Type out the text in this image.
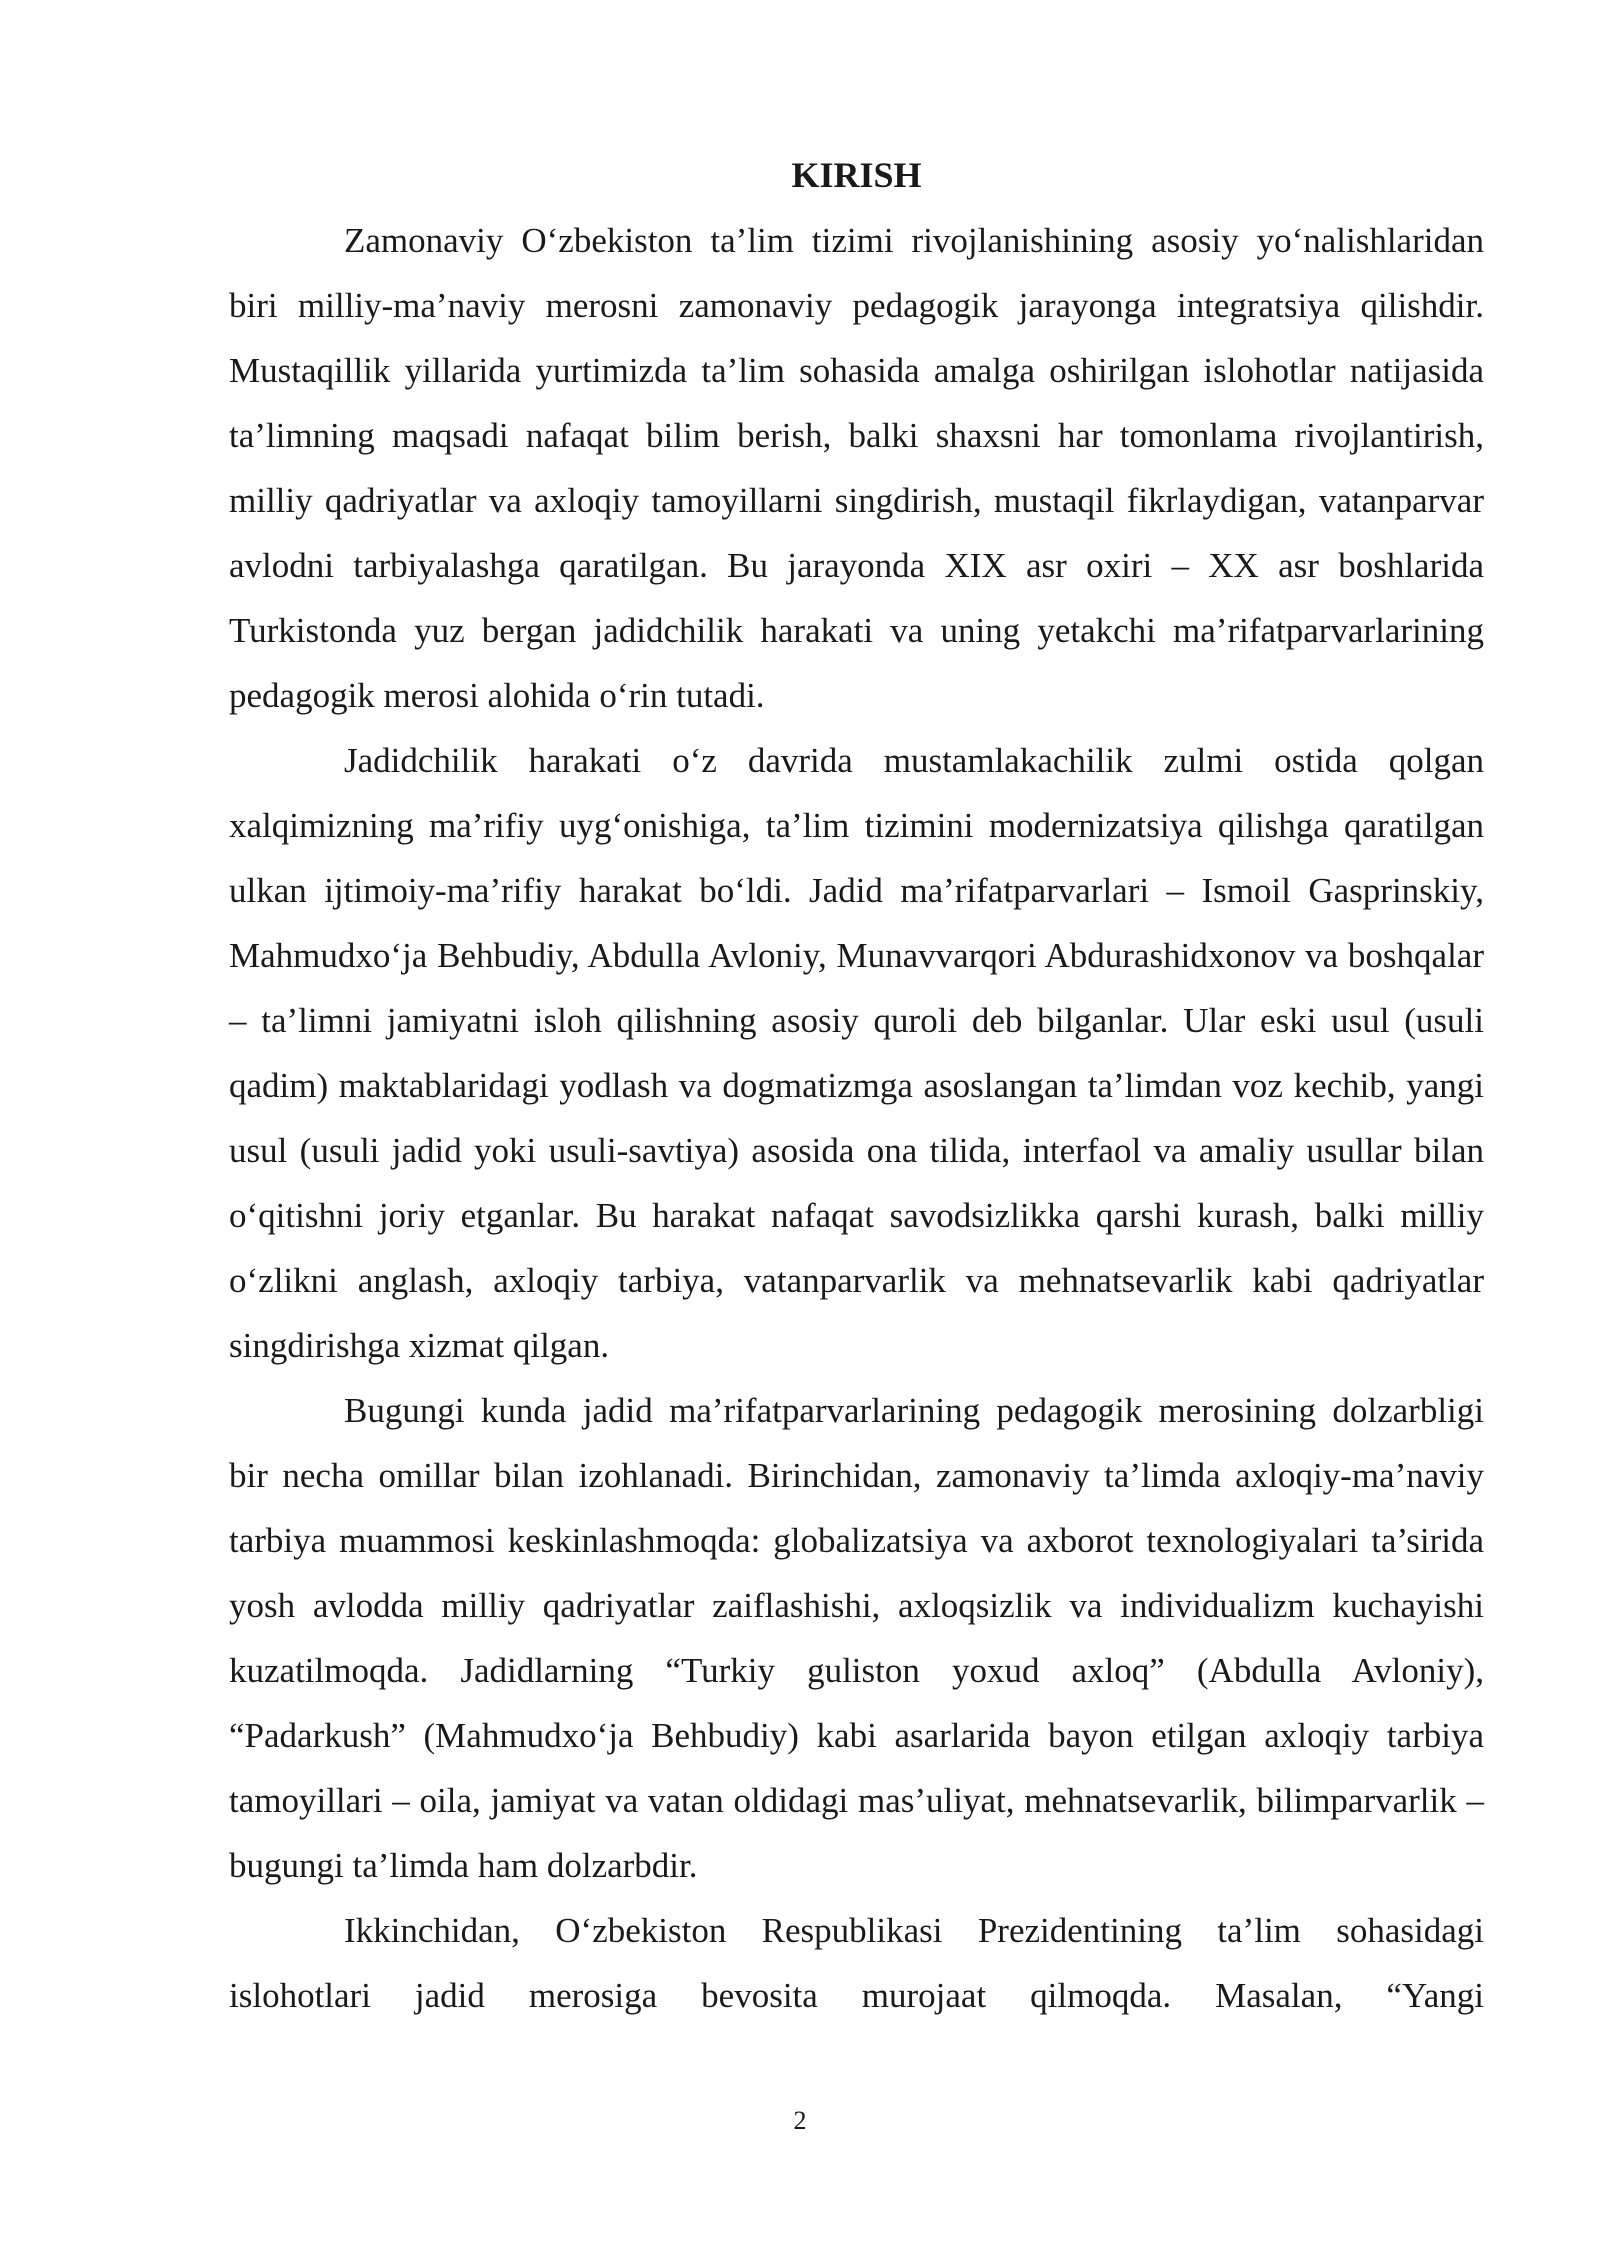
KIRISH

Zamonaviy O‘zbekiston ta’lim tizimi rivojlanishining asosiy yo‘nalishlaridan biri milliy-ma’naviy merosni zamonaviy pedagogik jarayonga integratsiya qilishdir. Mustaqillik yillarida yurtimizda ta’lim sohasida amalga oshirilgan islohotlar natijasida ta’limning maqsadi nafaqat bilim berish, balki shaxsni har tomonlama rivojlantirish, milliy qadriyatlar va axloqiy tamoyillarni singdirish, mustaqil fikrlaydigan, vatanparvar avlodni tarbiyalashga qaratilgan. Bu jarayonda XIX asr oxiri – XX asr boshlarida Turkistonda yuz bergan jadidchilik harakati va uning yetakchi ma’rifatparvarlarining pedagogik merosi alohida o‘rin tutadi.

Jadidchilik harakati o‘z davrida mustamlakachilik zulmi ostida qolgan xalqimizning ma’rifiy uyg‘onishiga, ta’lim tizimini modernizatsiya qilishga qaratilgan ulkan ijtimoiy-ma’rifiy harakat bo‘ldi. Jadid ma’rifatparvarlari – Ismoil Gasprinskiy, Mahmudxo‘ja Behbudiy, Abdulla Avloniy, Munavvarqori Abdurashidxonov va boshqalar – ta’limni jamiyatni isloh qilishning asosiy quroli deb bilganlar. Ular eski usul (usuli qadim) maktablaridagi yodlash va dogmatizmga asoslangan ta’limdan voz kechib, yangi usul (usuli jadid yoki usuli-savtiya) asosida ona tilida, interfaol va amaliy usullar bilan o‘qitishni joriy etganlar. Bu harakat nafaqat savodsizlikka qarshi kurash, balki milliy o‘zlikni anglash, axloqiy tarbiya, vatanparvarlik va mehnatsevarlik kabi qadriyatlar singdirishga xizmat qilgan.

Bugungi kunda jadid ma’rifatparvarlarining pedagogik merosining dolzarbligi bir necha omillar bilan izohlanadi. Birinchidan, zamonaviy ta’limda axloqiy-ma’naviy tarbiya muammosi keskinlashmoqda: globalizatsiya va axborot texnologiyalari ta’sirida yosh avlodda milliy qadriyatlar zaiflashishi, axloqsizlik va individualizm kuchayishi kuzatilmoqda. Jadidlarning “Turkiy guliston yoxud axloq” (Abdulla Avloniy), “Padarkush” (Mahmudxo‘ja Behbudiy) kabi asarlarida bayon etilgan axloqiy tarbiya tamoyillari – oila, jamiyat va vatan oldidagi mas’uliyat, mehnatsevarlik, bilimparvarlik – bugungi ta’limda ham dolzarbdir.

Ikkinchidan, O‘zbekiston Respublikasi Prezidentining ta’lim sohasidagi islohotlari jadid merosiga bevosita murojaat qilmoqda. Masalan, “Yangi

2
